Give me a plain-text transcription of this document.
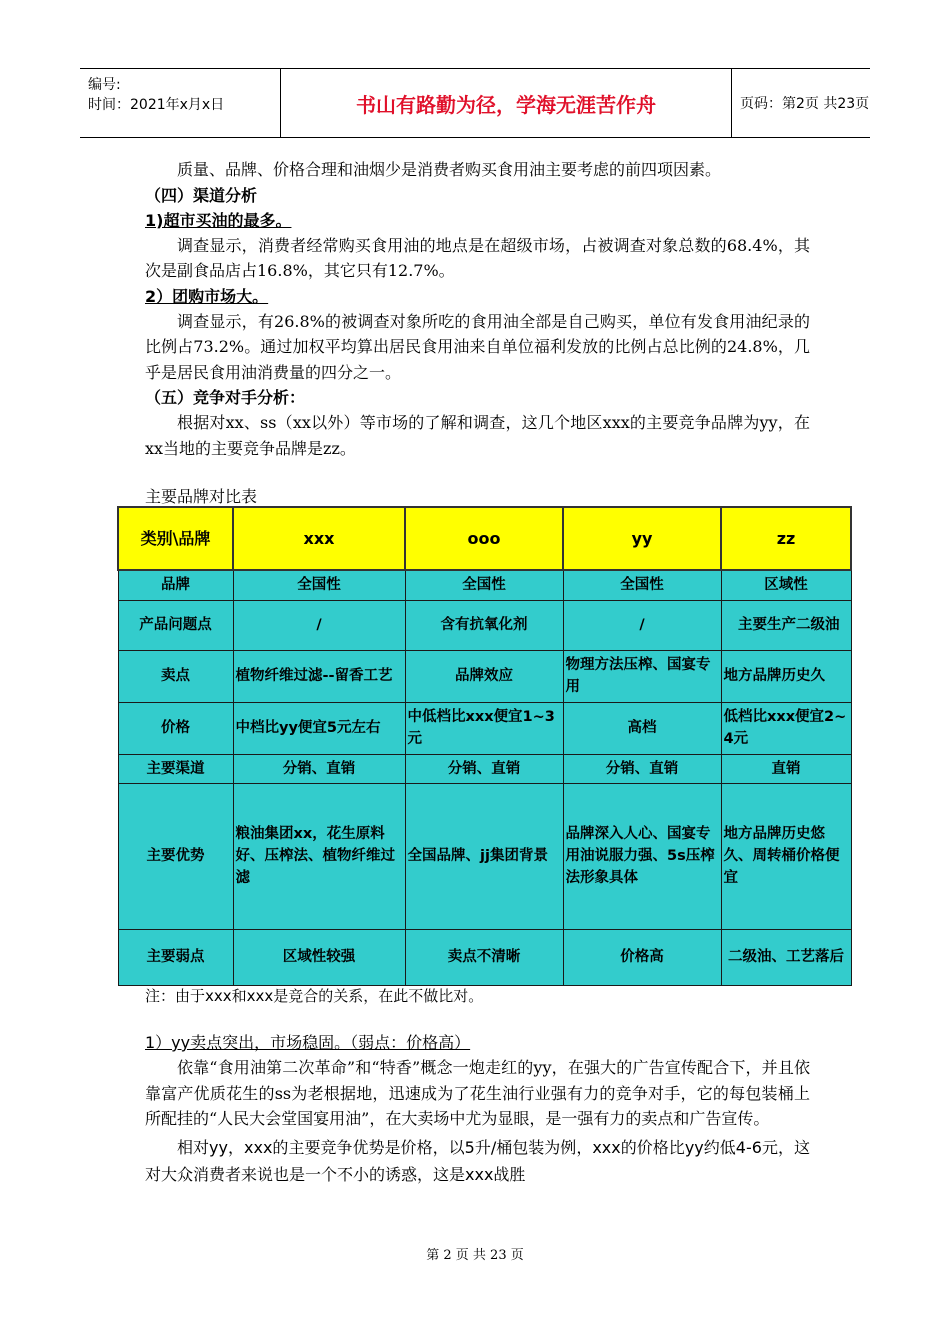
编号:
时间：2021年x月x日	书山有路勤为径，学海无涯苦作舟	页码：第2页 共23页

质量、品牌、价格合理和油烟少是消费者购买食用油主要考虑的前四项因素。

（四）渠道分析

1)超市买油的最多。

调查显示，消费者经常购买食用油的地点是在超级市场，占被调查对象总数的68.4%，其次是副食品店占16.8%，其它只有12.7%。

2）团购市场大。

调查显示，有26.8%的被调查对象所吃的食用油全部是自己购买，单位有发食用油纪录的比例占73.2%。通过加权平均算出居民食用油来自单位福利发放的比例占总比例的24.8%，几乎是居民食用油消费量的四分之一。

（五）竞争对手分析：

根据对xx、ss（xx以外）等市场的了解和调查，这几个地区xxx的主要竞争品牌为yy，在xx当地的主要竞争品牌是zz。

主要品牌对比表
类别\品牌	xxx	ooo	yy	zz
品牌	全国性	全国性	全国性	区域性
产品问题点	/	含有抗氧化剂	/	主要生产二级油
卖点	植物纤维过滤--留香工艺	品牌效应	物理方法压榨、国宴专用	地方品牌历史久
价格	中档比yy便宜5元左右	中低档比xxx便宜1~3元	高档	低档比xxx便宜2~4元
主要渠道	分销、直销	分销、直销	分销、直销	直销
主要优势	粮油集团xx，花生原料好、压榨法、植物纤维过滤	全国品牌、jj集团背景	品牌深入人心、国宴专用油说服力强、5s压榨法形象具体	地方品牌历史悠久、周转桶价格便宜
主要弱点	区域性较强	卖点不清晰	价格高	二级油、工艺落后
注：由于xxx和xxx是竞合的关系，在此不做比对。

1）yy卖点突出，市场稳固。（弱点：价格高）

依靠“食用油第二次革命”和“特香”概念一炮走红的yy，在强大的广告宣传配合下，并且依靠富产优质花生的ss为老根据地，迅速成为了花生油行业强有力的竞争对手，它的每包装桶上所配挂的“人民大会堂国宴用油”，在大卖场中尤为显眼，是一强有力的卖点和广告宣传。

相对yy，xxx的主要竞争优势是价格，以5升/桶包装为例，xxx的价格比yy约低4-6元，这对大众消费者来说也是一个不小的诱惑，这是xxx战胜

第 2 页 共 23 页
